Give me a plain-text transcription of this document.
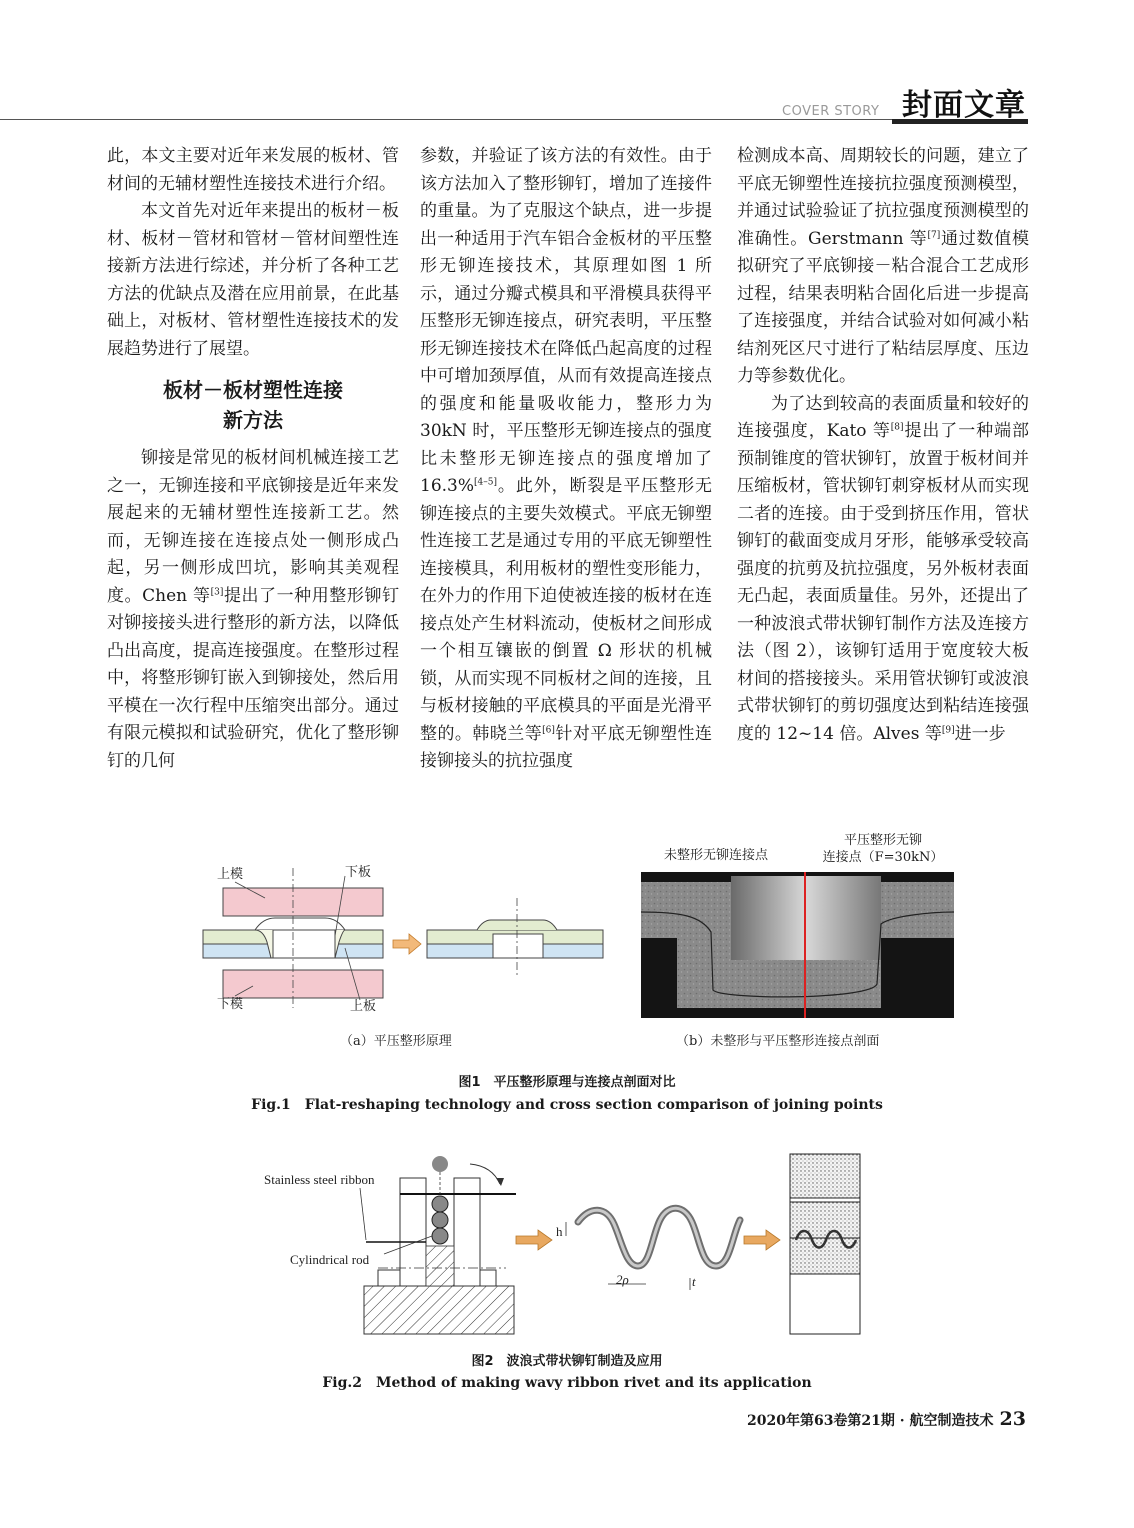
COVER STORY 封面文章

此，本文主要对近年来发展的板材、管材间的无辅材塑性连接技术进行介绍。

本文首先对近年来提出的板材－板材、板材－管材和管材－管材间塑性连接新方法进行综述，并分析了各种工艺方法的优缺点及潜在应用前景，在此基础上，对板材、管材塑性连接技术的发展趋势进行了展望。

板材－板材塑性连接
新方法

铆接是常见的板材间机械连接工艺之一，无铆连接和平底铆接是近年来发展起来的无辅材塑性连接新工艺。然而，无铆连接在连接点处一侧形成凸起，另一侧形成凹坑，影响其美观程度。Chen 等[3]提出了一种用整形铆钉对铆接接头进行整形的新方法，以降低凸出高度，提高连接强度。在整形过程中，将整形铆钉嵌入到铆接处，然后用平模在一次行程中压缩突出部分。通过有限元模拟和试验研究，优化了整形铆钉的几何

参数，并验证了该方法的有效性。由于该方法加入了整形铆钉，增加了连接件的重量。为了克服这个缺点，进一步提出一种适用于汽车铝合金板材的平压整形无铆连接技术，其原理如图 1 所示，通过分瓣式模具和平滑模具获得平压整形无铆连接点，研究表明，平压整形无铆连接技术在降低凸起高度的过程中可增加颈厚值，从而有效提高连接点的强度和能量吸收能力，整形力为 30kN 时，平压整形无铆连接点的强度比未整形无铆连接点的强度增加了 16.3%[4–5]。此外，断裂是平压整形无铆连接点的主要失效模式。平底无铆塑性连接工艺是通过专用的平底无铆塑性连接模具，利用板材的塑性变形能力，在外力的作用下迫使被连接的板材在连接点处产生材料流动，使板材之间形成一个相互镶嵌的倒置 Ω 形状的机械锁，从而实现不同板材之间的连接，且与板材接触的平底模具的平面是光滑平整的。韩晓兰等[6]针对平底无铆塑性连接铆接头的抗拉强度

检测成本高、周期较长的问题，建立了平底无铆塑性连接抗拉强度预测模型，并通过试验验证了抗拉强度预测模型的准确性。Gerstmann 等[7]通过数值模拟研究了平底铆接－粘合混合工艺成形过程，结果表明粘合固化后进一步提高了连接强度，并结合试验对如何减小粘结剂死区尺寸进行了粘结层厚度、压边力等参数优化。

为了达到较高的表面质量和较好的连接强度，Kato 等[8]提出了一种端部预制锥度的管状铆钉，放置于板材间并压缩板材，管状铆钉刺穿板材从而实现二者的连接。由于受到挤压作用，管状铆钉的截面变成月牙形，能够承受较高强度的抗剪及抗拉强度，另外板材表面无凸起，表面质量佳。另外，还提出了一种波浪式带状铆钉制作方法及连接方法（图 2），该铆钉适用于宽度较大板材间的搭接接头。采用管状铆钉或波浪式带状铆钉的剪切强度达到粘结连接强度的 12~14 倍。Alves 等[9]进一步

上模	下板
下模	上板
未整形无铆连接点
平压整形无铆
连接点（F=30kN）
（a）平压整形原理	（b）未整形与平压整形连接点剖面
图1　平压整形原理与连接点剖面对比
Fig.1　Flat-reshaping technology and cross section comparison of joining points
Stainless steel ribbon
Cylindrical rod
h
2ρ	t
图2　波浪式带状铆钉制造及应用
Fig.2　Method of making wavy ribbon rivet and its application
2020年第63卷第21期 · 航空制造技术 23
